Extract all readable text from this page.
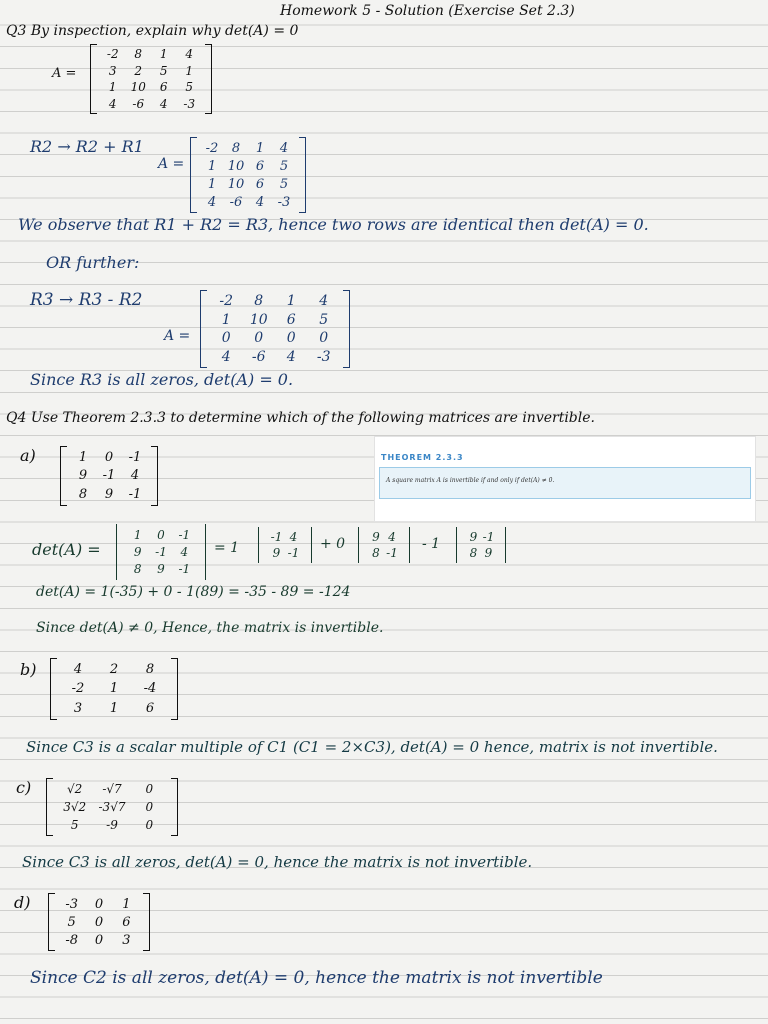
Homework 5 - Solution (Exercise Set 2.3)
Q3 By inspection, explain why det(A) = 0
A =
-2 8 1 4
3 2 5 1
1 10 6 5
4 -6 4 -3
R2 → R2 + R1
A =
-2 8 1 4
1 10 6 5
1 10 6 5
4 -6 4 -3
We observe that R1 + R2 = R3, hence two rows are identical then det(A) = 0.
OR further:
R3 → R3 - R2
A =
-2 8 1 4
1 10 6 5
0 0 0 0
4 -6 4 -3
Since R3 is all zeros, det(A) = 0.
Q4 Use Theorem 2.3.3 to determine which of the following matrices are invertible.
THEOREM 2.3.3
A square matrix A is invertible if and only if det(A) ≠ 0.
a)	1 0 -1
9 -1 4
8 9 -1
det(A) =
1 0 -1
9 -1 4
8 9 -1
= 1
-1 4
9 -1
+ 0 9 4
8 -1
- 1 9 -1
8 9
det(A) = 1(-35) + 0 - 1(89) = -35 - 89 = -124
Since det(A) ≠ 0, Hence, the matrix is invertible.
b)	4 2 8
-2 1 -4
3 1 6
Since C3 is a scalar multiple of C1 (C1 = 2×C3), det(A) = 0 hence, matrix is not invertible.
c)	√2 -√7 0
3√2 -3√7 0
5 -9 0
Since C3 is all zeros, det(A) = 0, hence the matrix is not invertible.
d)	-3 0 1
5 0 6
-8 0 3
Since C2 is all zeros, det(A) = 0, hence the matrix is not invertible
